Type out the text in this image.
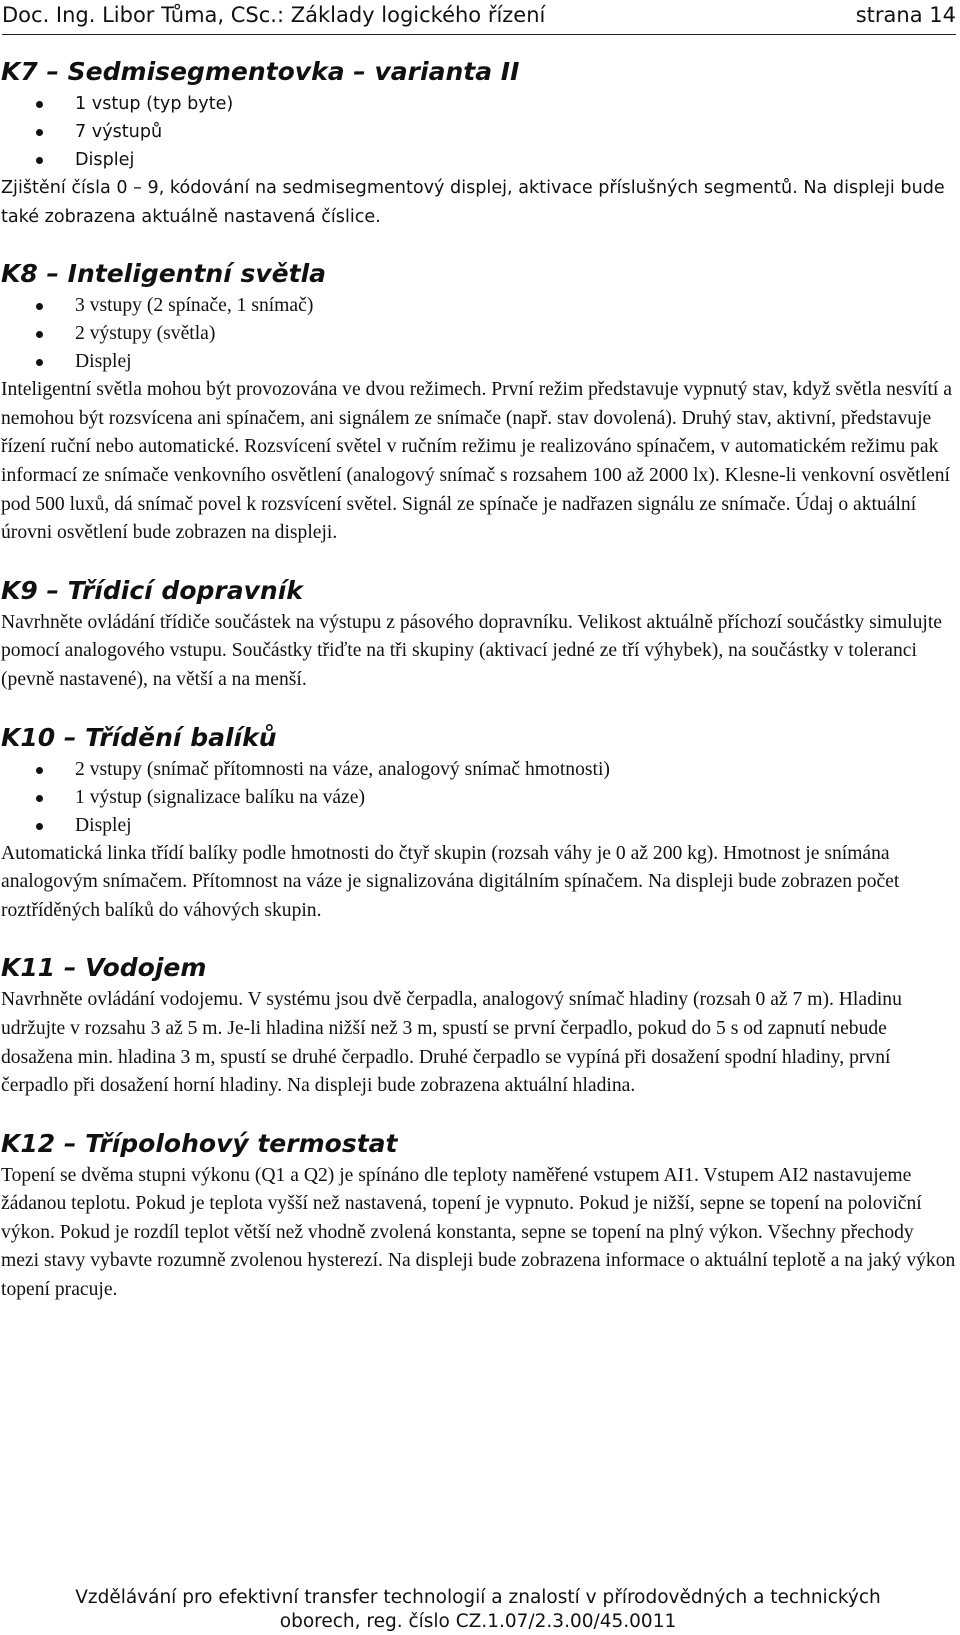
Doc. Ing. Libor Tůma, CSc.: Základy logického řízení	strana 14
K7 – Sedmisegmentovka – varianta II
1 vstup (typ byte)
7 výstupů
Displej

Zjištění čísla 0 – 9, kódování na sedmisegmentový displej, aktivace příslušných segmentů. Na displeji bude také zobrazena aktuálně nastavená číslice.

K8 – Inteligentní světla
3 vstupy (2 spínače, 1 snímač)
2 výstupy (světla)
Displej

Inteligentní světla mohou být provozována ve dvou režimech. První režim představuje vypnutý stav, když světla nesvítí a nemohou být rozsvícena ani spínačem, ani signálem ze snímače (např. stav dovolená). Druhý stav, aktivní, představuje řízení ruční nebo automatické. Rozsvícení světel v ručním režimu je realizováno spínačem, v automatickém režimu pak informací ze snímače venkovního osvětlení (analogový snímač s rozsahem 100 až 2000 lx). Klesne-li venkovní osvětlení pod 500 luxů, dá snímač povel k rozsvícení světel. Signál ze spínače je nadřazen signálu ze snímače. Údaj o aktuální úrovni osvětlení bude zobrazen na displeji.

K9 – Třídicí dopravník

Navrhněte ovládání třídiče součástek na výstupu z pásového dopravníku. Velikost aktuálně příchozí součástky simulujte pomocí analogového vstupu. Součástky třiďte na tři skupiny (aktivací jedné ze tří výhybek), na součástky v toleranci (pevně nastavené), na větší a na menší.

K10 – Třídění balíků
2 vstupy (snímač přítomnosti na váze, analogový snímač hmotnosti)
1 výstup (signalizace balíku na váze)
Displej

Automatická linka třídí balíky podle hmotnosti do čtyř skupin (rozsah váhy je 0 až 200 kg). Hmotnost je snímána analogovým snímačem. Přítomnost na váze je signalizována digitálním spínačem. Na displeji bude zobrazen počet roztříděných balíků do váhových skupin.

K11 – Vodojem

Navrhněte ovládání vodojemu. V systému jsou dvě čerpadla, analogový snímač hladiny (rozsah 0 až 7 m). Hladinu udržujte v rozsahu 3 až 5 m. Je-li hladina nižší než 3 m, spustí se první čerpadlo, pokud do 5 s od zapnutí nebude dosažena min. hladina 3 m, spustí se druhé čerpadlo. Druhé čerpadlo se vypíná při dosažení spodní hladiny, první čerpadlo při dosažení horní hladiny. Na displeji bude zobrazena aktuální hladina.

K12 – Třípolohový termostat

Topení se dvěma stupni výkonu (Q1 a Q2) je spínáno dle teploty naměřené vstupem AI1. Vstupem AI2 nastavujeme žádanou teplotu. Pokud je teplota vyšší než nastavená, topení je vypnuto. Pokud je nižší, sepne se topení na poloviční výkon. Pokud je rozdíl teplot větší než vhodně zvolená konstanta, sepne se topení na plný výkon. Všechny přechody mezi stavy vybavte rozumně zvolenou hysterezí. Na displeji bude zobrazena informace o aktuální teplotě a na jaký výkon topení pracuje.

Vzdělávání pro efektivní transfer technologií a znalostí v přírodovědných a technických
oborech, reg. číslo CZ.1.07/2.3.00/45.0011
